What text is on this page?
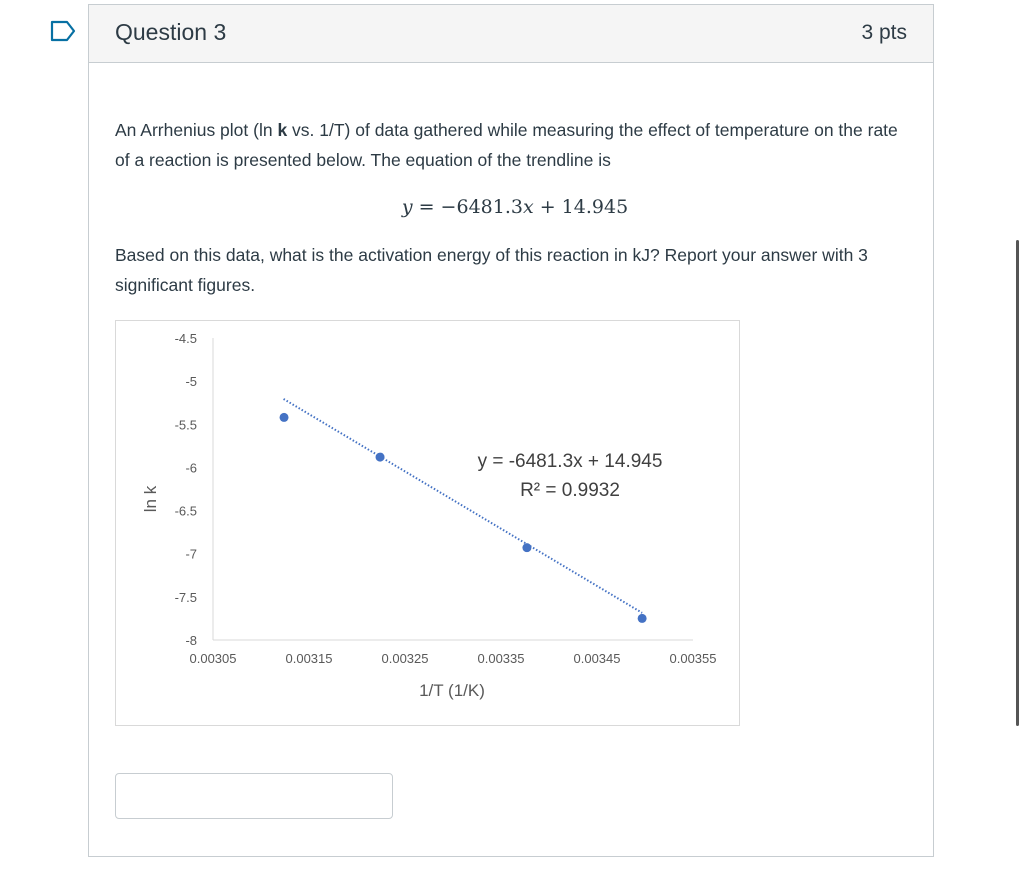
Question 3	3 pts

An Arrhenius plot (ln k vs. 1/T) of data gathered while measuring the effect of temperature on the rate of a reaction is presented below. The equation of the trendline is

y = −6481.3x + 14.945

Based on this data, what is the activation energy of this reaction in kJ? Report your answer with 3 significant figures.

-4.5
-5
-5.5
-6
-6.5
-7
-7.5
-8
0.00305	0.00315	0.00325	0.00335	0.00345	0.00355
1/T (1/K)
ln k
y = -6481.3x + 14.945
R² = 0.9932
